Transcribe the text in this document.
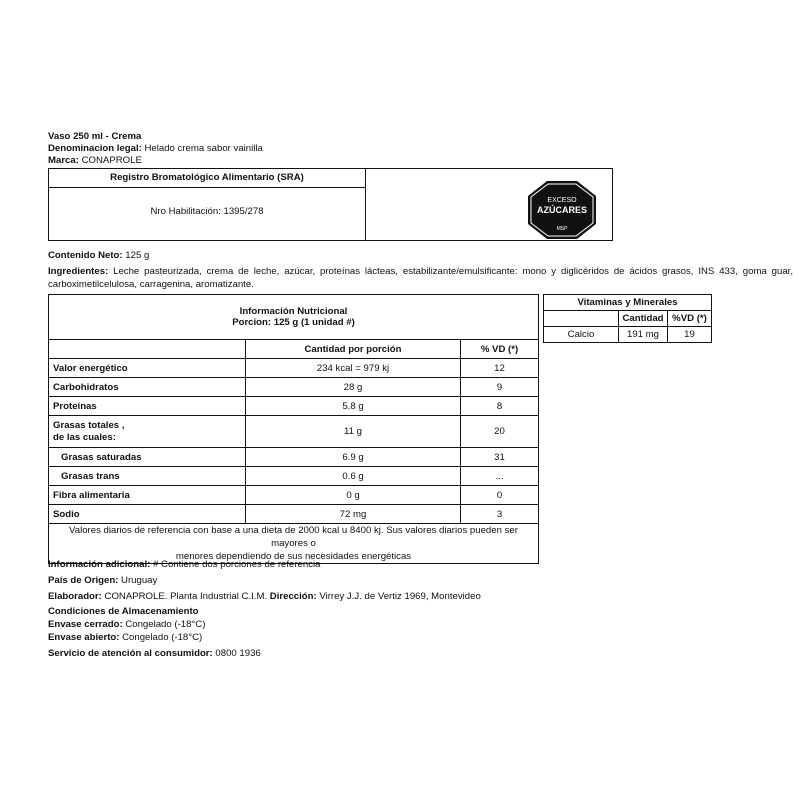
Vaso 250 ml - Crema
Denominacion legal: Helado crema sabor vainilla
Marca: CONAPROLE
Registro Bromatológico Alimentario (SRA)
Nro Habilitación: 1395/278
EXCESO
AZÚCARES
MSP
Contenido Neto: 125 g
Ingredientes: Leche pasteurizada, crema de leche, azúcar, proteínas lácteas, estabilizante/emulsificante: mono y diglicéridos de ácidos grasos, INS 433, goma guar, carboximetilcelulosa, carragenina, aromatizante.
Información Nutricional
Porcion: 125 g (1 unidad #)		

	Cantidad por porción	% VD (*)
Valor energético	234 kcal = 979 kj	12
Carbohidratos	28 g	9
Proteínas	5.8 g	8

Grasas totales ,
de las cuales:	11 g	20
Grasas saturadas	6.9 g	31
Grasas trans	0.6 g	...
Fibra alimentaria	0 g	0
Sodio	72 mg	3

Valores diarios de referencia con base a una dieta de 2000 kcal u 8400 kj. Sus valores diarios pueden ser mayores o
menores dependiendo de sus necesidades energéticas		
Vitaminas y Minerales		
	Cantidad	%VD (*)
Calcio	191 mg	19
Información adicional: # Contiene dos porciones de referencia
País de Origen: Uruguay
Elaborador: CONAPROLE. Planta Industrial C.I.M. Dirección: Virrey J.J. de Vertiz 1969, Montevideo
Condiciones de Almacenamiento
Envase cerrado: Congelado (-18°C)
Envase abierto: Congelado (-18°C)
Servicio de atención al consumidor: 0800 1936
